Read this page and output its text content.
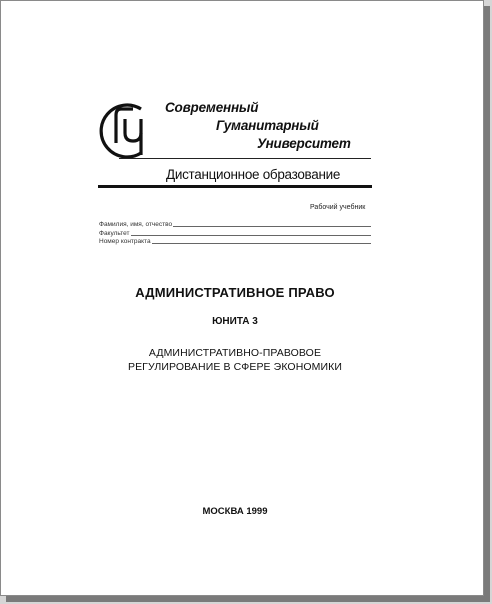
Современный
Гуманитарный
Университет
Дистанционное образование
Рабочий учебник
Фамилия, имя, отчество
Факультет
Номер контракта
АДМИНИСТРАТИВНОЕ ПРАВО
ЮНИТА 3
АДМИНИСТРАТИВНО-ПРАВОВОЕ
РЕГУЛИРОВАНИЕ В СФЕРЕ ЭКОНОМИКИ
МОСКВА 1999
